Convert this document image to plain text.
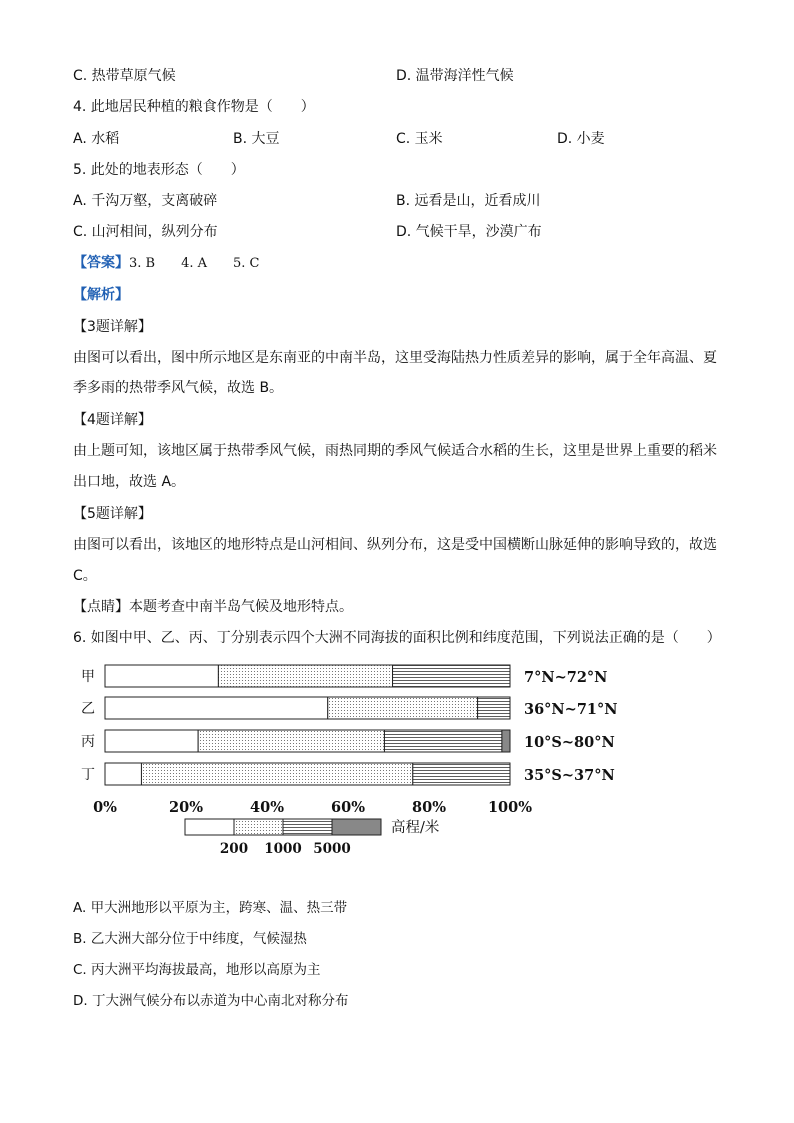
C. 热带草原气候	D. 温带海洋性气候
4. 此地居民种植的粮食作物是（　　）
A. 水稻	B. 大豆	C. 玉米	D. 小麦
5. 此处的地表形态（　　）
A. 千沟万壑，支离破碎	B. 远看是山，近看成川
C. 山河相间，纵列分布	D. 气候干旱，沙漠广布
【答案】3. B　　4. A　　5. C
【解析】
【3题详解】
由图可以看出，图中所示地区是东南亚的中南半岛，这里受海陆热力性质差异的影响，属于全年高温、夏
季多雨的热带季风气候，故选 B。
【4题详解】
由上题可知，该地区属于热带季风气候，雨热同期的季风气候适合水稻的生长，这里是世界上重要的稻米
出口地，故选 A。
【5题详解】
由图可以看出，该地区的地形特点是山河相间、纵列分布，这是受中国横断山脉延伸的影响导致的，故选
C。
【点睛】本题考查中南半岛气候及地形特点。
6. 如图中甲、乙、丙、丁分别表示四个大洲不同海拔的面积比例和纬度范围，下列说法正确的是（　　）
甲	7°N~72°N
乙	36°N~71°N
丙	10°S~80°N
丁	35°S~37°N
0%	20%	40%	60%	80%	100%
高程/米
200 1000 5000
A. 甲大洲地形以平原为主，跨寒、温、热三带
B. 乙大洲大部分位于中纬度，气候湿热
C. 丙大洲平均海拔最高，地形以高原为主
D. 丁大洲气候分布以赤道为中心南北对称分布
